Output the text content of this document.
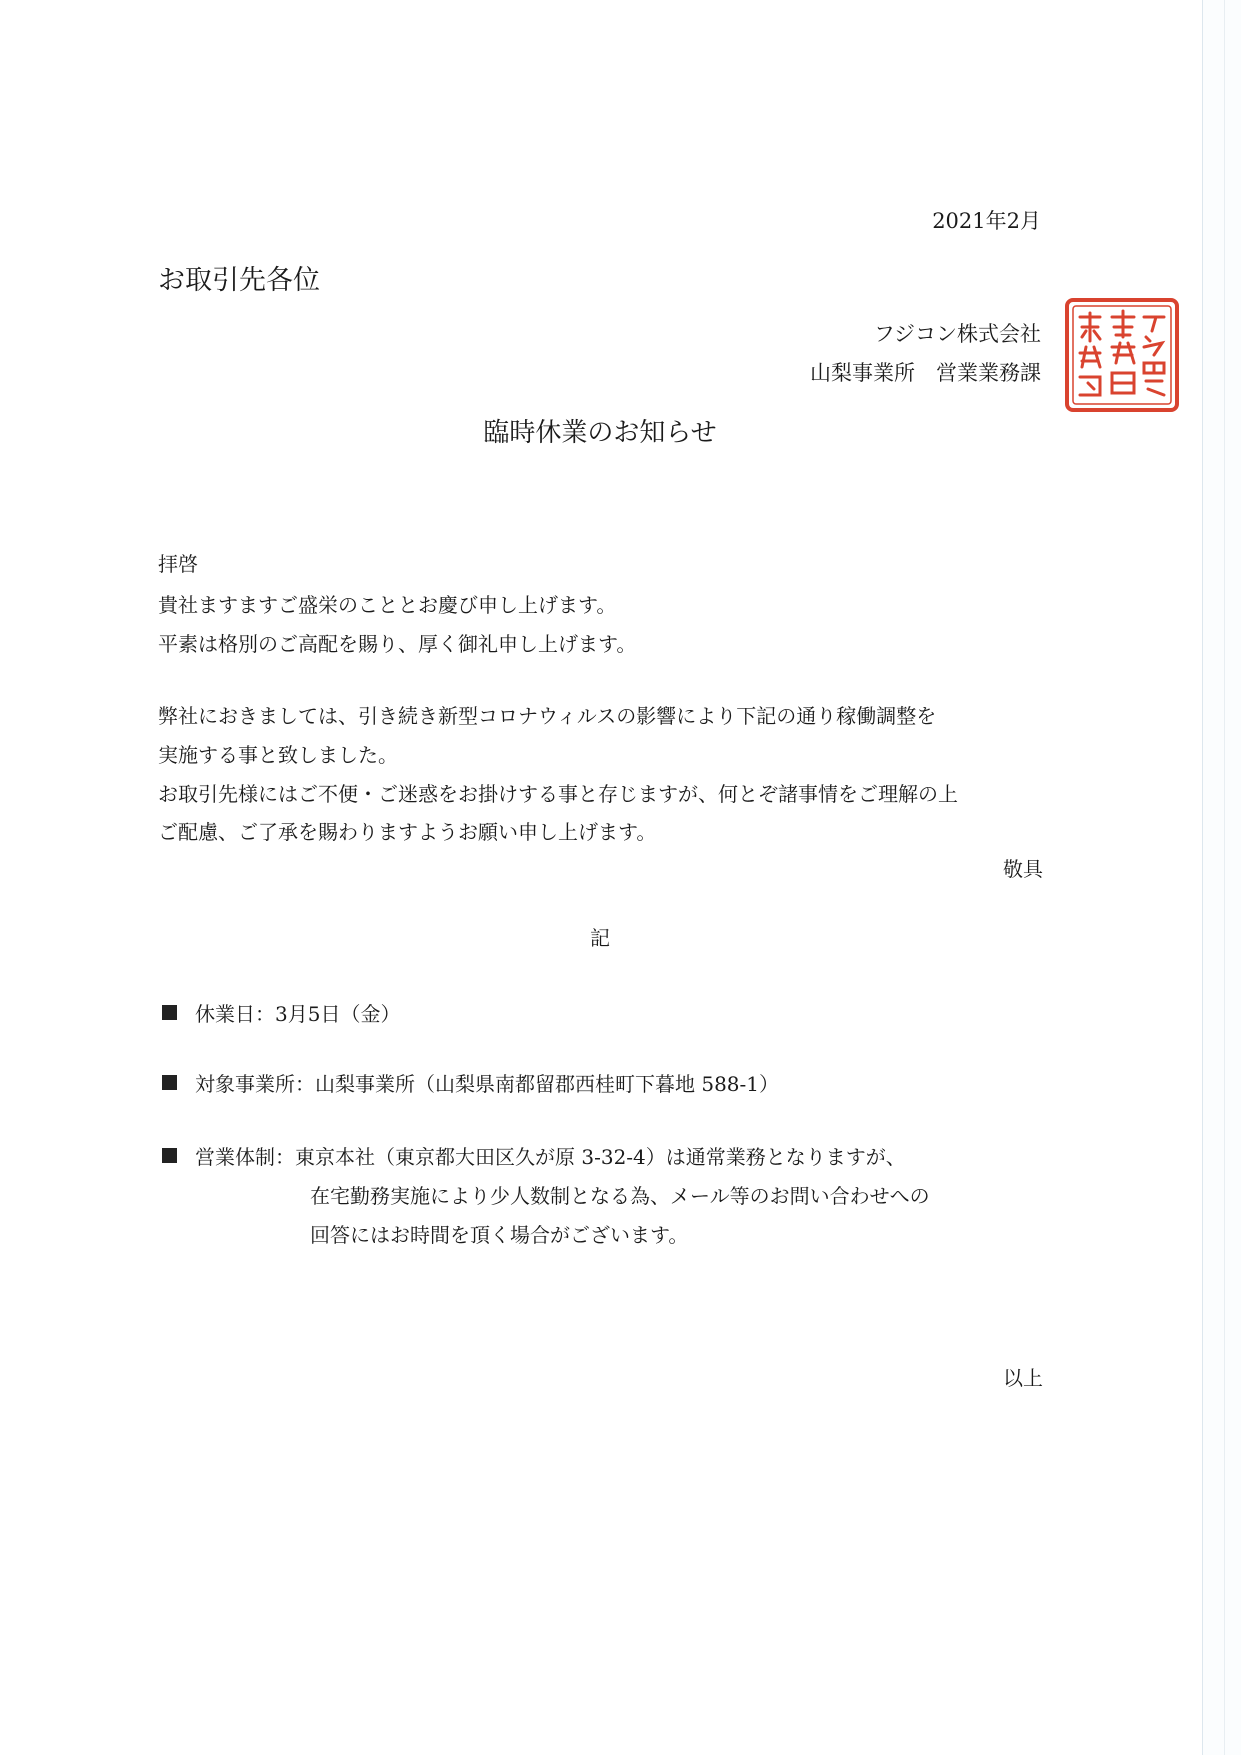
2021年2月
お取引先各位
フジコン株式会社
山梨事業所　営業業務課
臨時休業のお知らせ
拝啓
貴社ますますご盛栄のこととお慶び申し上げます。
平素は格別のご高配を賜り、厚く御礼申し上げます。
弊社におきましては、引き続き新型コロナウィルスの影響により下記の通り稼働調整を
実施する事と致しました。
お取引先様にはご不便・ご迷惑をお掛けする事と存じますが、何とぞ諸事情をご理解の上
ご配慮、ご了承を賜わりますようお願い申し上げます。
敬具
記
休業日：3月5日（金）
対象事業所：山梨事業所（山梨県南都留郡西桂町下暮地 588-1）
営業体制：東京本社（東京都大田区久が原 3-32-4）は通常業務となりますが、
在宅勤務実施により少人数制となる為、メール等のお問い合わせへの
回答にはお時間を頂く場合がございます。
以上
